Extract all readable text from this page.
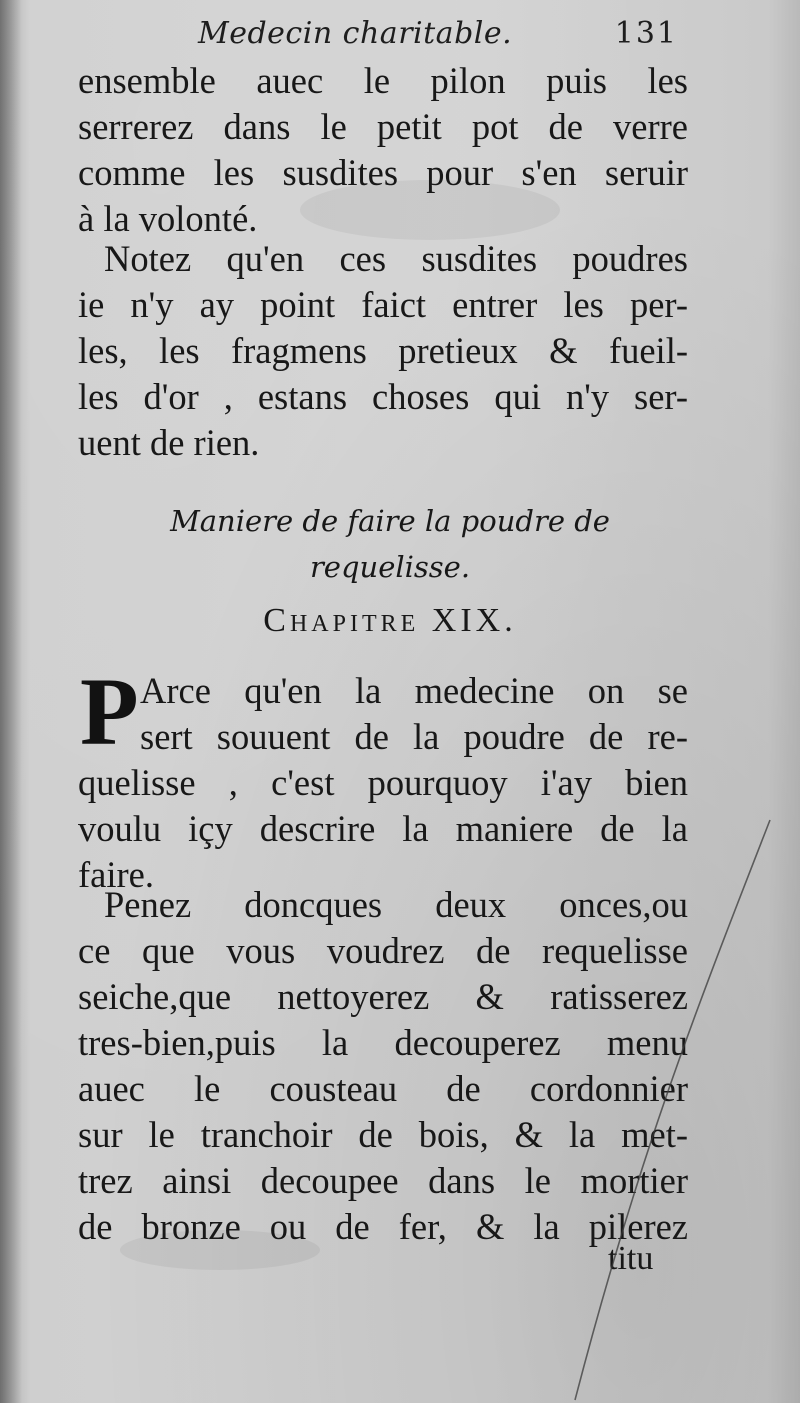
Medecin charitable.	131
ensemble auec le pilon puis les
serrerez dans le petit pot de verre
comme les susdites pour s'en seruir
à la volonté.
Notez qu'en ces susdites poudres
ie n'y ay point faict entrer les per-
les, les fragmens pretieux & fueil-
les d'or , estans choses qui n'y ser-
uent de rien.
Maniere de faire la poudre de
requelisse.
Chapitre XIX.
P Arce qu'en la medecine on se
sert souuent de la poudre de re-
quelisse , c'est pourquoy i'ay bien
voulu içy descrire la maniere de la
faire.
Penez doncques deux onces,ou
ce que vous voudrez de requelisse
seiche,que nettoyerez & ratisserez
tres-bien,puis la decouperez menu
auec le cousteau de cordonnier
sur le tranchoir de bois, & la met-
trez ainsi decoupee dans le mortier
de bronze ou de fer, & la pilerez
titu
